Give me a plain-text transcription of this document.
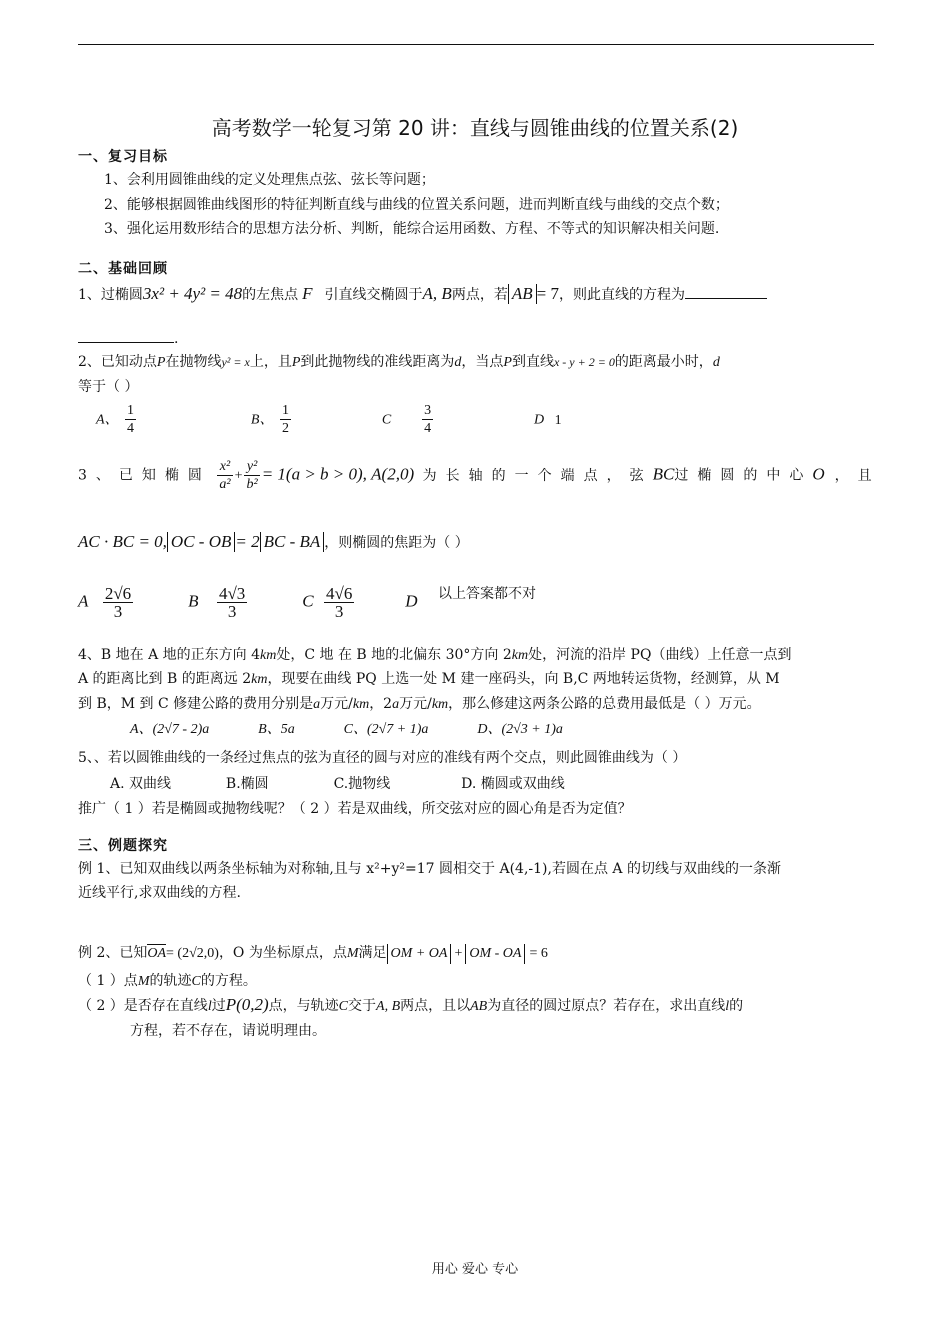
高考数学一轮复习第 20 讲：直线与圆锥曲线的位置关系(2)
一、复习目标
1、会利用圆锥曲线的定义处理焦点弦、弦长等问题；
2、能够根据圆锥曲线图形的特征判断直线与曲线的位置关系问题，进而判断直线与曲线的交点个数；
3、强化运用数形结合的思想方法分析、判断，能综合运用函数、方程、不等式的知识解决相关问题.
二、基础回顾
1、过椭圆3x² + 4y² = 48的左焦点 F 引直线交椭圆于A, B两点，若 AB = 7，则此直线的方程为
.
2、已知动点P在抛物线y² = x上，且P到此抛物线的准线距离为d，当点P到直线x - y + 2 = 0的距离最小时，d
等于（ ）
A、 $\frac{1}{4}$	B、 $\frac{1}{2}$	C $\frac{3}{4}$	D 1
3、已知椭圆 $\frac{\text{x²}}{\text{a²}} + \frac{\text{y²}}{\text{b²}} = 1(a > b > 0)$, A(2,0) 为长轴的一个端点，弦BC过椭圆的中心O ，且
AC · BC = 0, OC - OB = 2 BC - BA ，则椭圆的焦距为（ ）
A $\frac{2√6}{3}$	B $\frac{4√3}{3}$	C $\frac{4√6}{3}$	D 以上答案都不对
4、B 地在 A 地的正东方向 4km处，C 地 在 B 地的北偏东 30°方向 2km处，河流的沿岸 PQ（曲线）上任意一点到
A 的距离比到 B 的距离远 2km，现要在曲线 PQ 上选一处 M 建一座码头，向 B,C 两地转运货物，经测算，从 M
到 B，M 到 C 修建公路的费用分别是a万元/km，2a万元/km，那么修建这两条公路的总费用最低是（ ）万元。
A、(2√7 - 2)a	B、5a	C、(2√7 + 1)a	D、(2√3 + 1)a
5、、若以圆锥曲线的一条经过焦点的弦为直径的圆与对应的准线有两个交点，则此圆锥曲线为（ ）
A. 双曲线	B.椭圆	C.抛物线	D. 椭圆或双曲线
推广（ 1 ）若是椭圆或抛物线呢？（ 2 ）若是双曲线，所交弦对应的圆心角是否为定值？
三、例题探究
例 1、已知双曲线以两条坐标轴为对称轴,且与 x²+y²=17 圆相交于 A(4,-1),若圆在点 A 的切线与双曲线的一条渐
近线平行,求双曲线的方程.
例 2、已知OA= (2√2,0)，O 为坐标原点，点M满足 OM + OA + OM - OA = 6
（ 1 ）点M的轨迹C的方程。
（ 2 ）是否存在直线l过P(0,2)点，与轨迹C交于A, B两点，且以AB为直径的圆过原点？若存在，求出直线l的
方程，若不存在，请说明理由。
用心 爱心 专心
